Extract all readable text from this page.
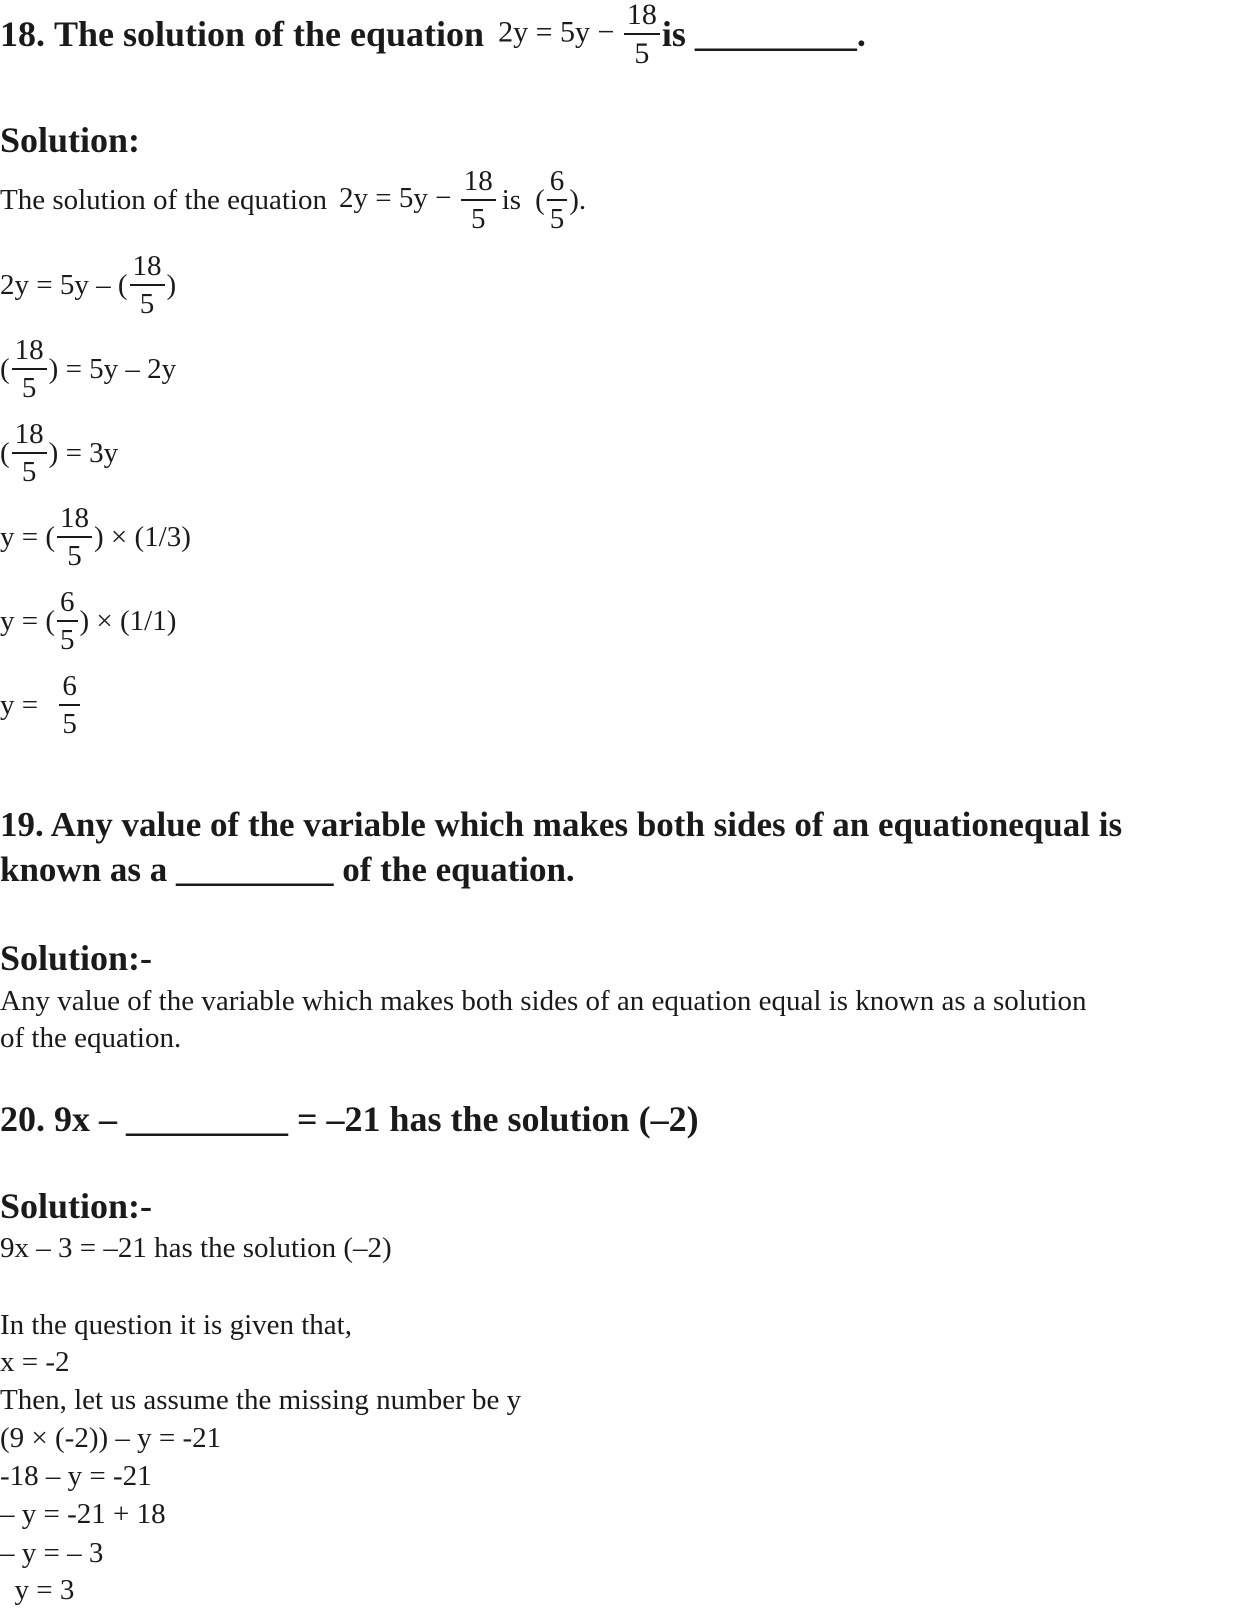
18.
The solution of the equation $2y = 5y - \frac{18}{5}$ is _________.
Solution:
The solution of the equation $2y = 5y - \frac{18}{5}$ is ( $\frac{6}{5}$ ).
2y = 5y – ( $\frac{18}{5}$ )
( $\frac{18}{5}$ ) = 5y – 2y
( $\frac{18}{5}$ ) = 3y
y = ( $\frac{18}{5}$ ) × (1/3)
y = ( $\frac{6}{5}$ ) × (1/1)
$y = \frac{6}{5}$
19. Any value of the variable which makes both sides of an equationequal is
known as a _________ of the equation.
Solution:-
Any value of the variable which makes both sides of an equation equal is known as a solution
of the equation.
20. 9x – _________ = –21 has the solution (–2)
Solution:-
9x – 3 = –21 has the solution (–2)
In the question it is given that,
x = -2
Then, let us assume the missing number be y
(9 × (-2)) – y = -21
-18 – y = -21
– y = -21 + 18
– y = – 3
y = 3
